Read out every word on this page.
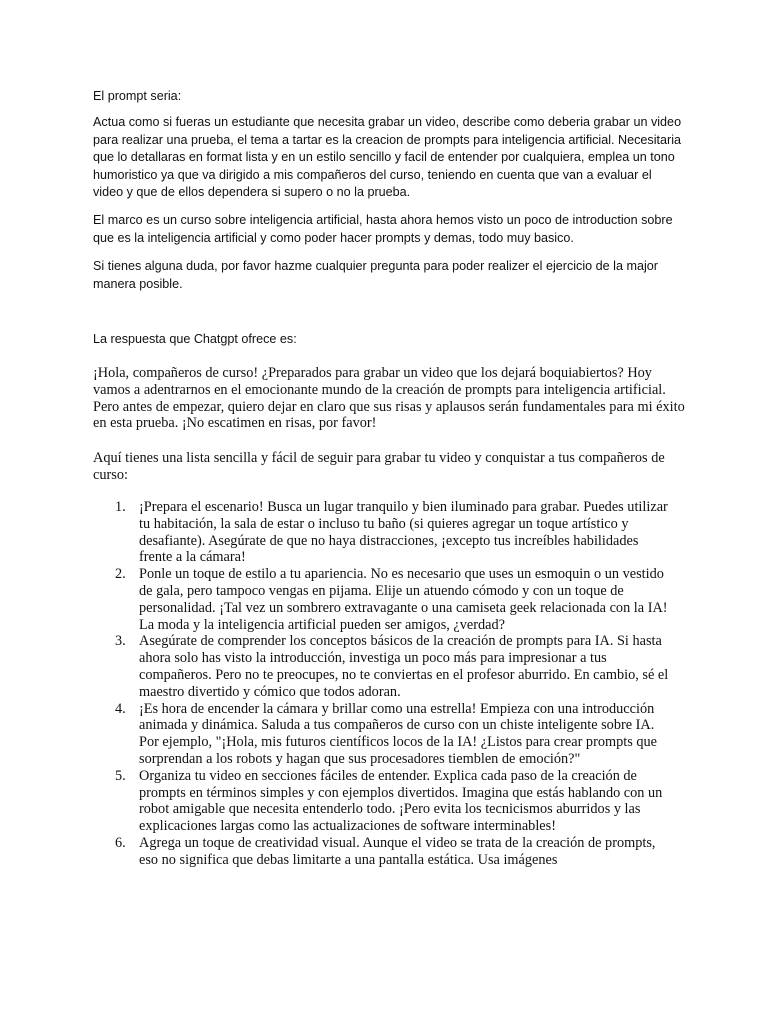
El prompt seria:

Actua como si fueras un estudiante que necesita grabar un video, describe como deberia grabar un video para realizar una prueba, el tema a tartar es la creacion de prompts para inteligencia artificial. Necesitaria que lo detallaras en format lista y en un estilo sencillo y facil de entender por cualquiera, emplea un tono humoristico ya que va dirigido a mis compañeros del curso, teniendo en cuenta que van a evaluar el video y que de ellos dependera si supero o no la prueba.

El marco es un curso sobre inteligencia artificial, hasta ahora hemos visto un poco de introduction sobre que es la inteligencia artificial y como poder hacer prompts y demas, todo muy basico.

Si tienes alguna duda, por favor hazme cualquier pregunta para poder realizer el ejercicio de la major manera posible.

La respuesta que Chatgpt ofrece es:

¡Hola, compañeros de curso! ¿Preparados para grabar un video que los dejará boquiabiertos? Hoy vamos a adentrarnos en el emocionante mundo de la creación de prompts para inteligencia artificial. Pero antes de empezar, quiero dejar en claro que sus risas y aplausos serán fundamentales para mi éxito en esta prueba. ¡No escatimen en risas, por favor!

Aquí tienes una lista sencilla y fácil de seguir para grabar tu video y conquistar a tus compañeros de curso:

1. ¡Prepara el escenario! Busca un lugar tranquilo y bien iluminado para grabar. Puedes utilizar tu habitación, la sala de estar o incluso tu baño (si quieres agregar un toque artístico y desafiante). Asegúrate de que no haya distracciones, ¡excepto tus increíbles habilidades frente a la cámara!
2. Ponle un toque de estilo a tu apariencia. No es necesario que uses un esmoquin o un vestido de gala, pero tampoco vengas en pijama. Elije un atuendo cómodo y con un toque de personalidad. ¡Tal vez un sombrero extravagante o una camiseta geek relacionada con la IA! La moda y la inteligencia artificial pueden ser amigos, ¿verdad?
3. Asegúrate de comprender los conceptos básicos de la creación de prompts para IA. Si hasta ahora solo has visto la introducción, investiga un poco más para impresionar a tus compañeros. Pero no te preocupes, no te conviertas en el profesor aburrido. En cambio, sé el maestro divertido y cómico que todos adoran.
4. ¡Es hora de encender la cámara y brillar como una estrella! Empieza con una introducción animada y dinámica. Saluda a tus compañeros de curso con un chiste inteligente sobre IA. Por ejemplo, "¡Hola, mis futuros científicos locos de la IA! ¿Listos para crear prompts que sorprendan a los robots y hagan que sus procesadores tiemblen de emoción?"
5. Organiza tu video en secciones fáciles de entender. Explica cada paso de la creación de prompts en términos simples y con ejemplos divertidos. Imagina que estás hablando con un robot amigable que necesita entenderlo todo. ¡Pero evita los tecnicismos aburridos y las explicaciones largas como las actualizaciones de software interminables!
6. Agrega un toque de creatividad visual. Aunque el video se trata de la creación de prompts, eso no significa que debas limitarte a una pantalla estática. Usa imágenes
